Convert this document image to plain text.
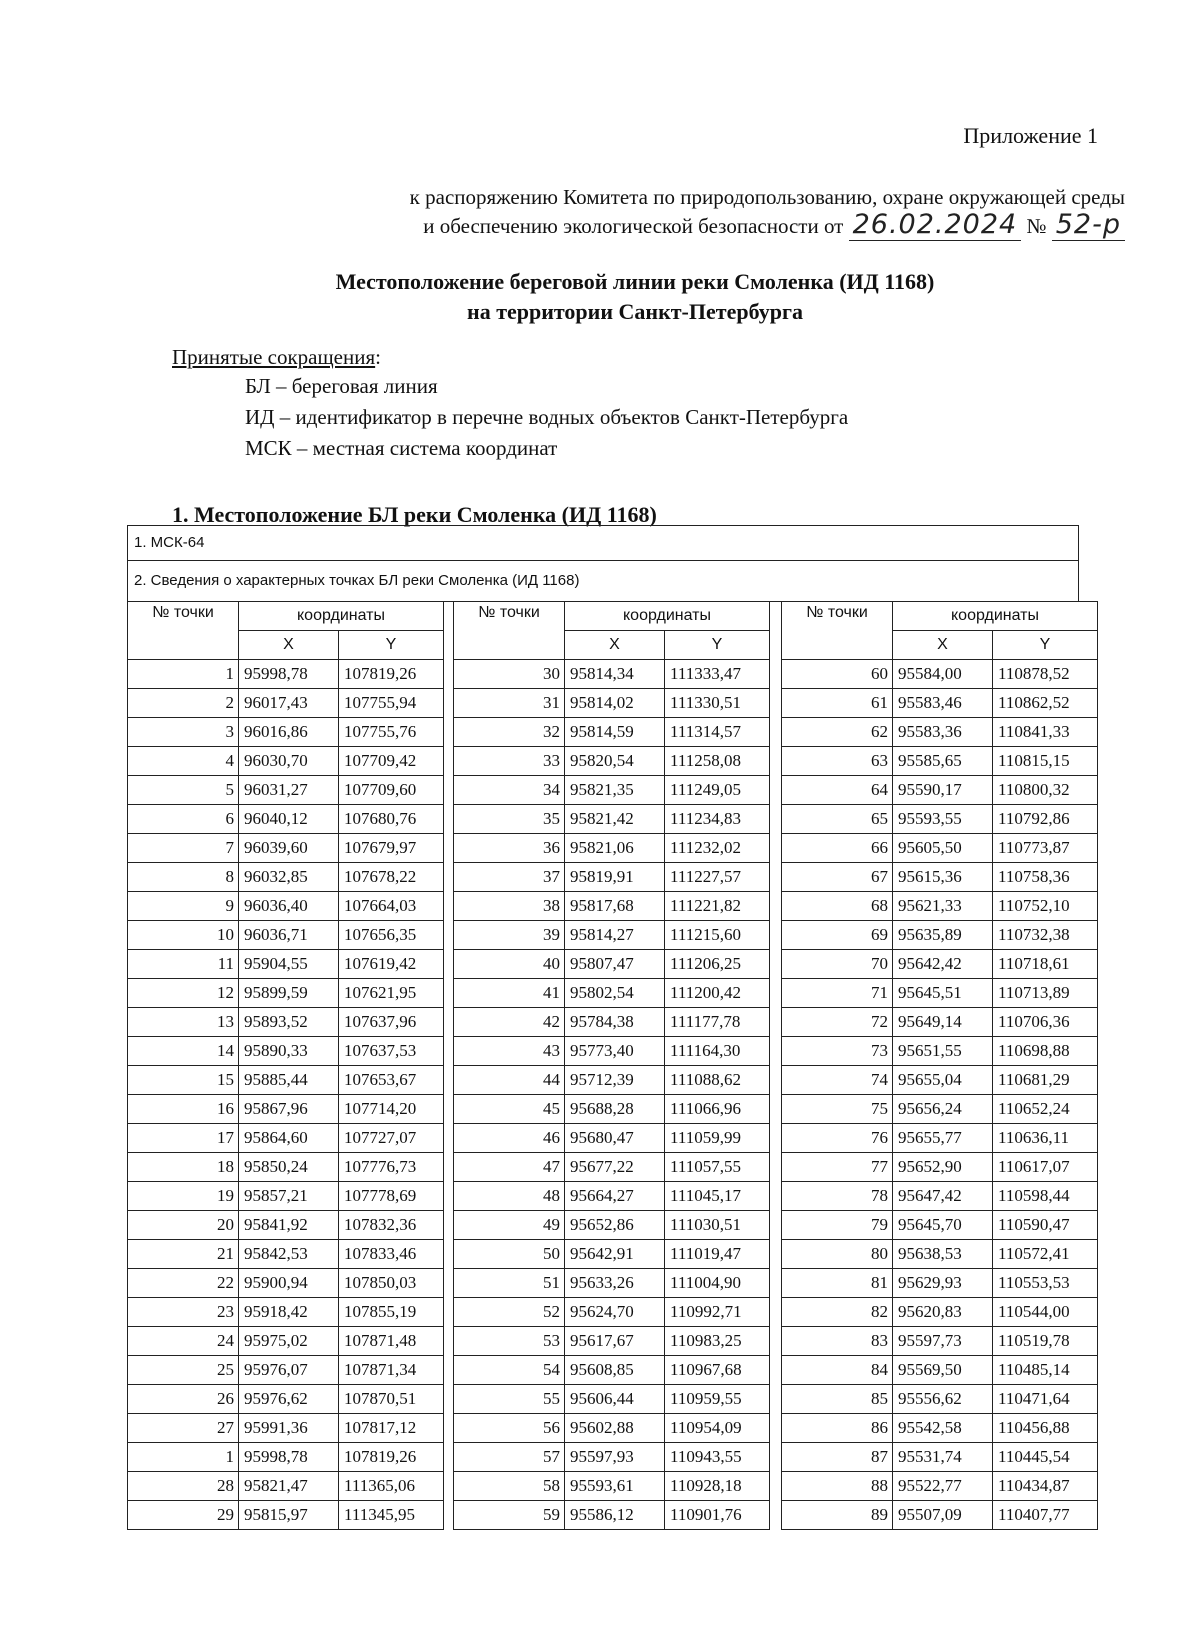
Приложение 1
к распоряжению Комитета по природопользованию, охране окружающей среды
и обеспечению экологической безопасности от 26.02.2024 № 52-р
Местоположение береговой линии реки Смоленка (ИД 1168)
на территории Санкт-Петербурга
Принятые сокращения:
БЛ – береговая линия
ИД – идентификатор в перечне водных объектов Санкт-Петербурга
МСК – местная система координат
1. Местоположение БЛ реки Смоленка (ИД 1168)
1. МСК-64
2. Сведения о характерных точках БЛ реки Смоленка (ИД 1168)
№ точки	координаты	
	X	Y
1	95998,78	107819,26
2	96017,43	107755,94
3	96016,86	107755,76
4	96030,70	107709,42
5	96031,27	107709,60
6	96040,12	107680,76
7	96039,60	107679,97
8	96032,85	107678,22
9	96036,40	107664,03
10	96036,71	107656,35
11	95904,55	107619,42
12	95899,59	107621,95
13	95893,52	107637,96
14	95890,33	107637,53
15	95885,44	107653,67
16	95867,96	107714,20
17	95864,60	107727,07
18	95850,24	107776,73
19	95857,21	107778,69
20	95841,92	107832,36
21	95842,53	107833,46
22	95900,94	107850,03
23	95918,42	107855,19
24	95975,02	107871,48
25	95976,07	107871,34
26	95976,62	107870,51
27	95991,36	107817,12
1	95998,78	107819,26
28	95821,47	111365,06
29	95815,97	111345,95
№ точки	координаты	
	X	Y
30	95814,34	111333,47
31	95814,02	111330,51
32	95814,59	111314,57
33	95820,54	111258,08
34	95821,35	111249,05
35	95821,42	111234,83
36	95821,06	111232,02
37	95819,91	111227,57
38	95817,68	111221,82
39	95814,27	111215,60
40	95807,47	111206,25
41	95802,54	111200,42
42	95784,38	111177,78
43	95773,40	111164,30
44	95712,39	111088,62
45	95688,28	111066,96
46	95680,47	111059,99
47	95677,22	111057,55
48	95664,27	111045,17
49	95652,86	111030,51
50	95642,91	111019,47
51	95633,26	111004,90
52	95624,70	110992,71
53	95617,67	110983,25
54	95608,85	110967,68
55	95606,44	110959,55
56	95602,88	110954,09
57	95597,93	110943,55
58	95593,61	110928,18
59	95586,12	110901,76
№ точки	координаты	
	X	Y
60	95584,00	110878,52
61	95583,46	110862,52
62	95583,36	110841,33
63	95585,65	110815,15
64	95590,17	110800,32
65	95593,55	110792,86
66	95605,50	110773,87
67	95615,36	110758,36
68	95621,33	110752,10
69	95635,89	110732,38
70	95642,42	110718,61
71	95645,51	110713,89
72	95649,14	110706,36
73	95651,55	110698,88
74	95655,04	110681,29
75	95656,24	110652,24
76	95655,77	110636,11
77	95652,90	110617,07
78	95647,42	110598,44
79	95645,70	110590,47
80	95638,53	110572,41
81	95629,93	110553,53
82	95620,83	110544,00
83	95597,73	110519,78
84	95569,50	110485,14
85	95556,62	110471,64
86	95542,58	110456,88
87	95531,74	110445,54
88	95522,77	110434,87
89	95507,09	110407,77
